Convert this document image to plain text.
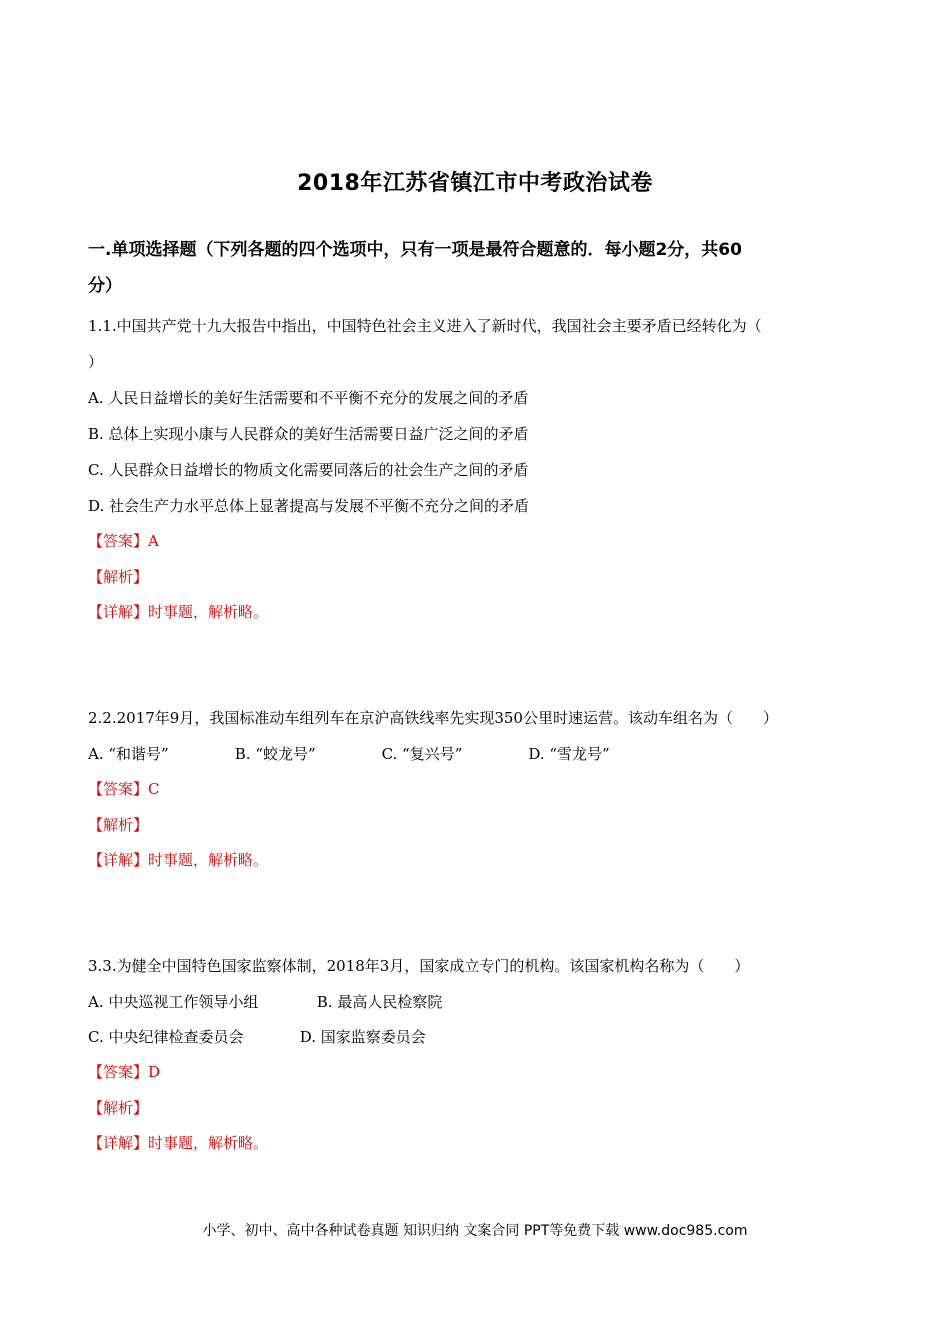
2018年江苏省镇江市中考政治试卷
一.单项选择题（下列各题的四个选项中，只有一项是最符合题意的．每小题2分，共60
分）
1.1.中国共产党十九大报告中指出，中国特色社会主义进入了新时代，我国社会主要矛盾已经转化为（
）
A. 人民日益增长的美好生活需要和不平衡不充分的发展之间的矛盾
B. 总体上实现小康与人民群众的美好生活需要日益广泛之间的矛盾
C. 人民群众日益增长的物质文化需要同落后的社会生产之间的矛盾
D. 社会生产力水平总体上显著提高与发展不平衡不充分之间的矛盾
【答案】A
【解析】
【详解】时事题，解析略。
2.2.2017年9月，我国标准动车组列车在京沪高铁线率先实现350公里时速运营。该动车组名为（　　）
A. “和谐号”	B. “蛟龙号”	C. “复兴号”	D. “雪龙号”
【答案】C
【解析】
【详解】时事题，解析略。
3.3.为健全中国特色国家监察体制，2018年3月，国家成立专门的机构。该国家机构名称为（　　）
A. 中央巡视工作领导小组	B. 最高人民检察院
C. 中央纪律检查委员会	D. 国家监察委员会
【答案】D
【解析】
【详解】时事题，解析略。
小学、初中、高中各种试卷真题 知识归纳 文案合同 PPT等免费下载 www.doc985.com
